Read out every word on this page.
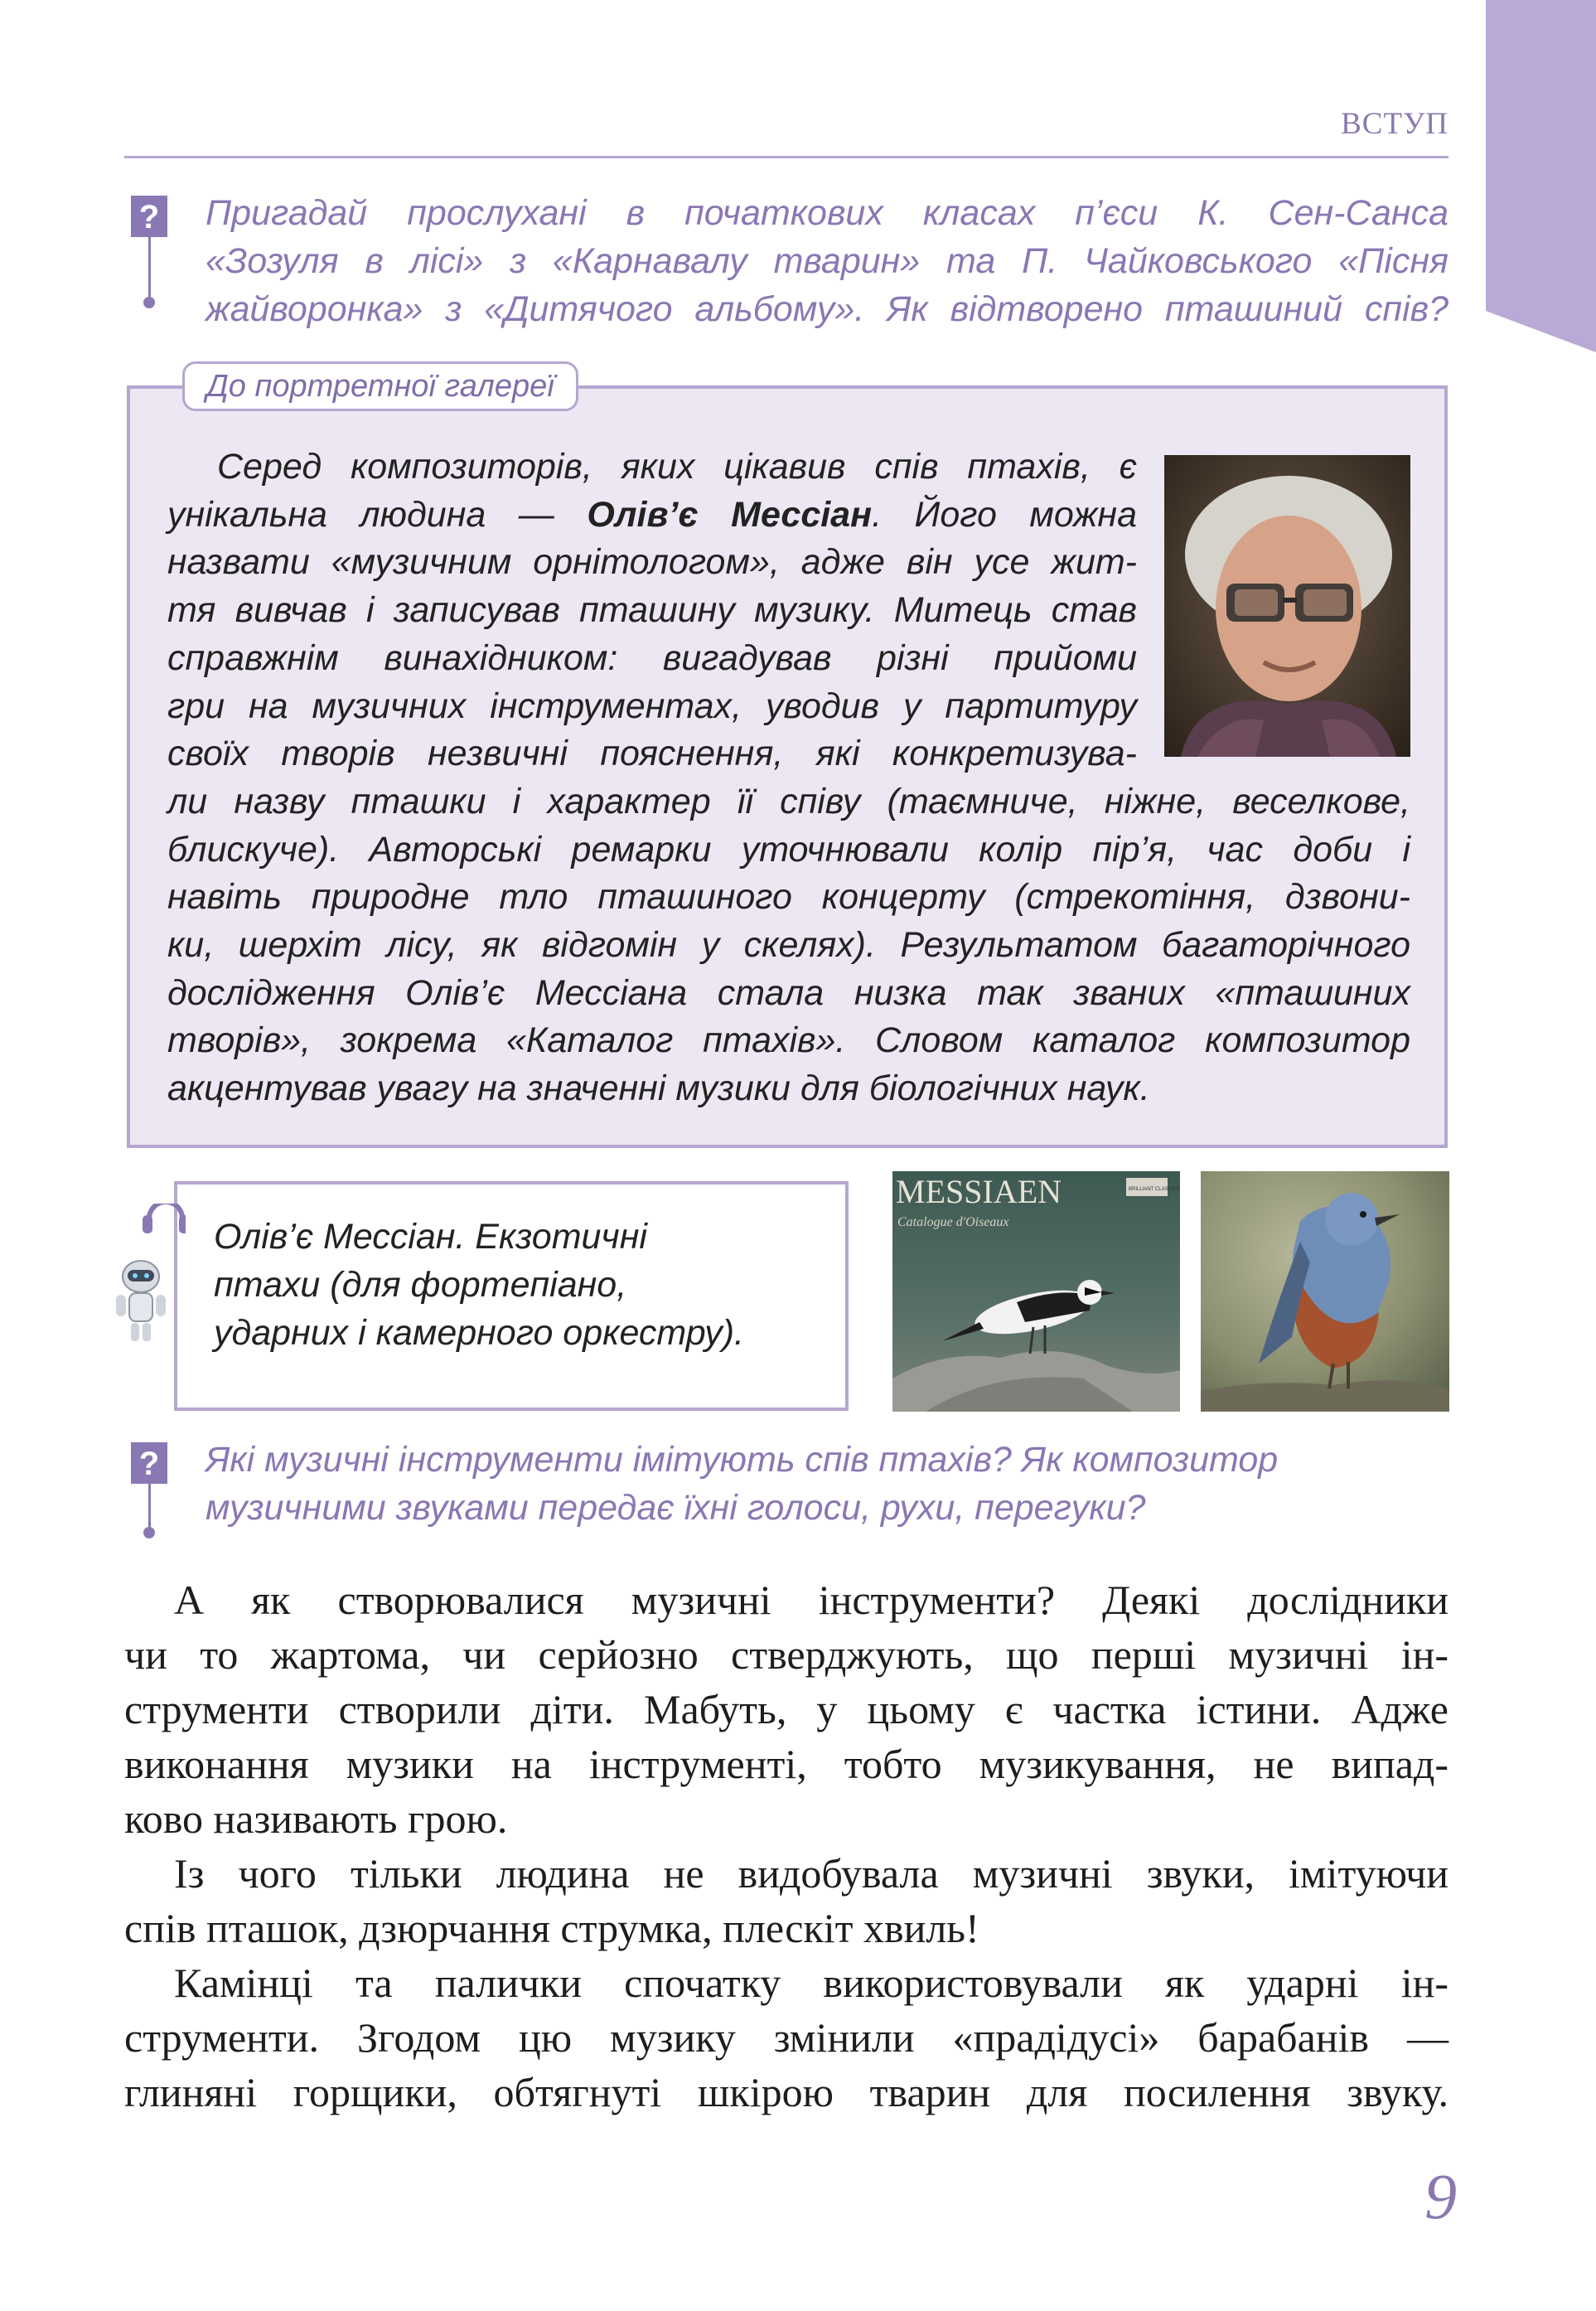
ВСТУП
? Пригадай прослухані в початкових класах п’єси К. Сен-Санса
«Зозуля в лісі» з «Карнавалу тварин» та П. Чайковського «Пісня
жайворонка» з «Дитячого альбому». Як відтворено пташиний спів?
До портретної галереї
Серед композиторів, яких цікавив спів птахів, є
унікальна людина — Олів’є Мессіан. Його можна
назвати «музичним орнітологом», адже він усе жит-
тя вивчав і записував пташину музику. Митець став
справжнім винахідником: вигадував різні прийоми
гри на музичних інструментах, уводив у партитуру
своїх творів незвичні пояснення, які конкретизува-
ли назву пташки і характер її співу (таємниче, ніжне, веселкове,
блискуче). Авторські ремарки уточнювали колір пір’я, час доби і
навіть природне тло пташиного концерту (стрекотіння, дзвони-
ки, шерхіт лісу, як відгомін у скелях). Результатом багаторічного
дослідження Олів’є Мессіана стала низка так званих «пташиних
творів», зокрема «Каталог птахів». Словом каталог композитор
акцентував увагу на значенні музики для біологічних наук.
Олів’є Мессіан. Екзотичні
птахи (для фортепіано,
ударних і камерного оркестру).
MESSIAEN
Catalogue d'Oiseaux
BRILLIANT CLASSICS
? Які музичні інструменти імітують спів птахів? Як композитор
музичними звуками передає їхні голоси, рухи, перегуки?
А як створювалися музичні інструменти? Деякі дослідники
чи то жартома, чи серйозно стверджують, що перші музичні ін-
струменти створили діти. Мабуть, у цьому є частка істини. Адже
виконання музики на інструменті, тобто музикування, не випад-
ково називають грою.
Із чого тільки людина не видобувала музичні звуки, імітуючи
спів пташок, дзюрчання струмка, плескіт хвиль!
Камінці та палички спочатку використовували як ударні ін-
струменти. Згодом цю музику змінили «прадідусі» барабанів —
глиняні горщики, обтягнуті шкірою тварин для посилення звуку.
9
